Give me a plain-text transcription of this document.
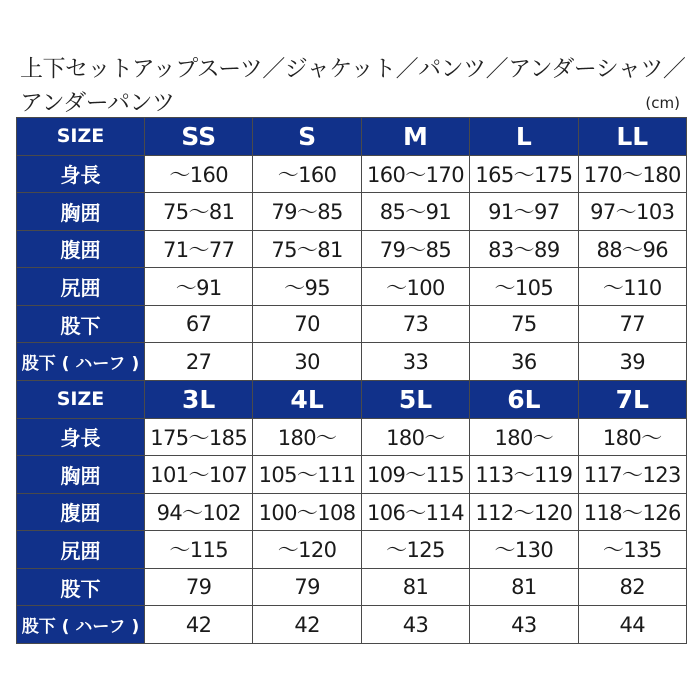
上下セットアップスーツ／ジャケット／パンツ／アンダーシャツ／
アンダーパンツ	(cm)
SIZE	SS	S	M	L	LL
身長	〜160	〜160	160〜170	165〜175	170〜180
胸囲	75〜81	79〜85	85〜91	91〜97	97〜103
腹囲	71〜77	75〜81	79〜85	83〜89	88〜96
尻囲	〜91	〜95	〜100	〜105	〜110
股下	67	70	73	75	77
股下 ( ハーフ )	27	30	33	36	39
SIZE	3L	4L	5L	6L	7L
身長	175〜185	180〜	180〜	180〜	180〜
胸囲	101〜107	105〜111	109〜115	113〜119	117〜123
腹囲	94〜102	100〜108	106〜114	112〜120	118〜126
尻囲	〜115	〜120	〜125	〜130	〜135
股下	79	79	81	81	82
股下 ( ハーフ )	42	42	43	43	44
